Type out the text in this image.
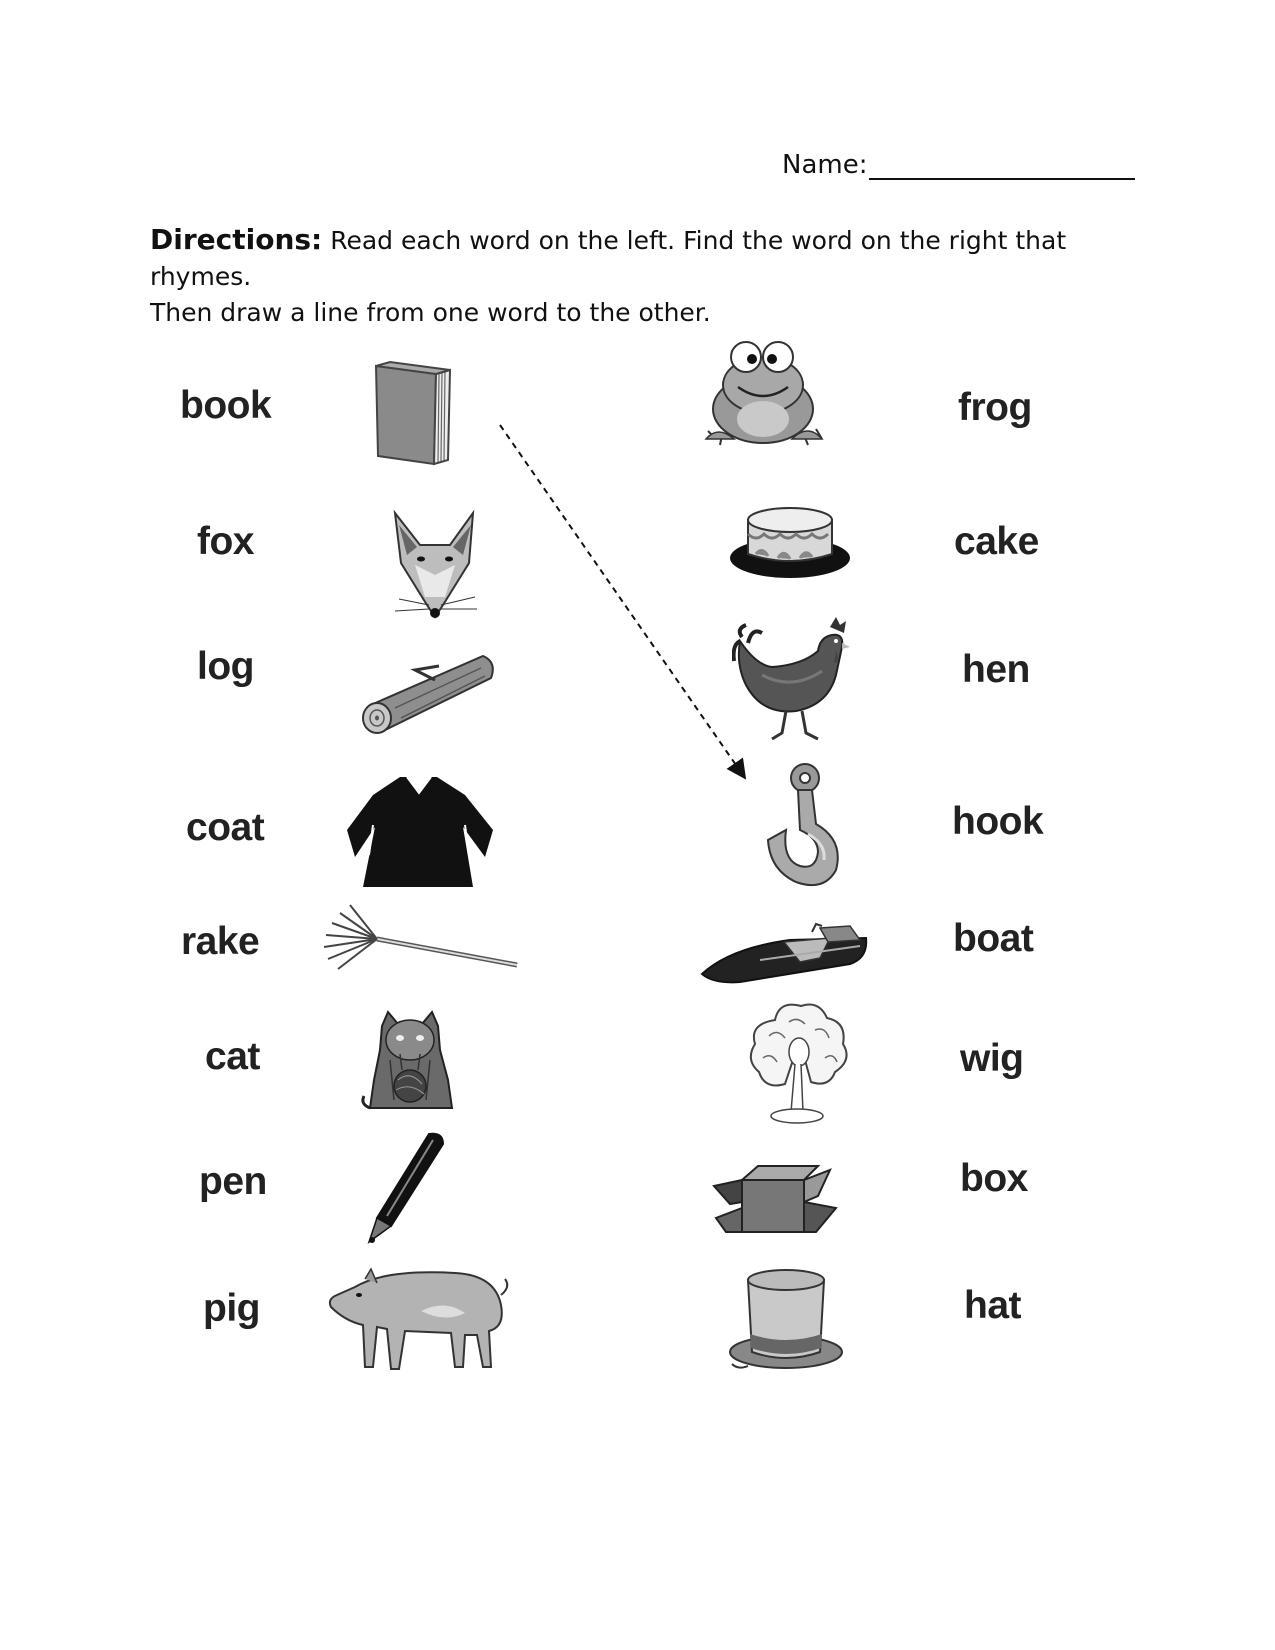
Name:
Directions: Read each word on the left. Find the word on the right that rhymes.
Then draw a line from one word to the other.
book
fox
log
coat
rake
cat
pen
pig
frog
cake
hen
hook
boat
wig
box
hat
